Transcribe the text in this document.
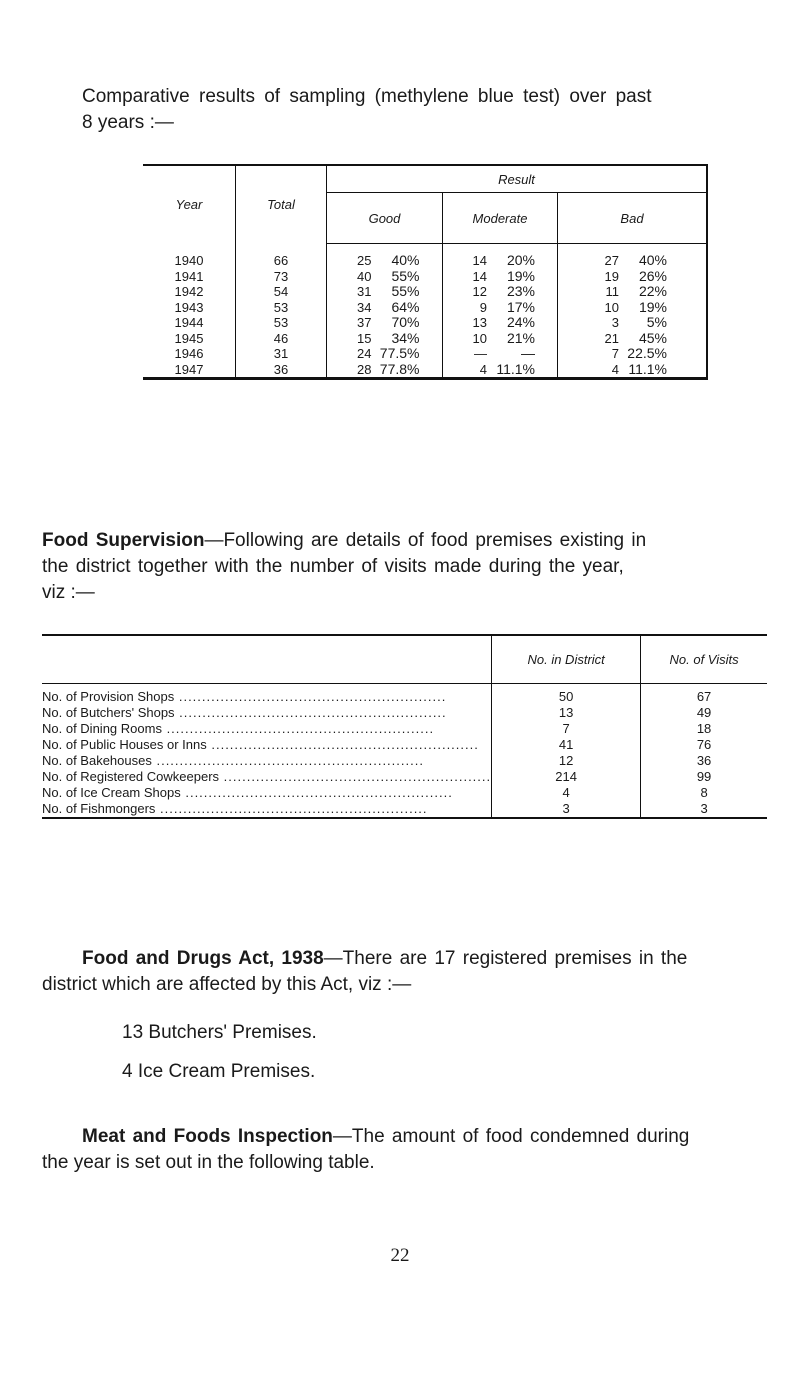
Comparative results of sampling (methylene blue test) over past
8 years :—
Year	Total	Result		
		Good	Moderate	Bad
1940	66	25 40%	14 20%	27 40%
1941	73	40 55%	14 19%	19 26%
1942	54	31 55%	12 23%	11 22%
1943	53	34 64%	9 17%	10 19%
1944	53	37 70%	13 24%	3 5%
1945	46	15 34%	10 21%	21 45%
1946	31	24 77.5%	— —	7 22.5%
1947	36	28 77.8%	4 11.1%	4 11.1%
Food Supervision—Following are details of food premises existing in
the district together with the number of visits made during the year,
viz :—
	No. in District	No. of Visits
No. of Provision Shops ..........................................................	50	67
No. of Butchers' Shops ..........................................................	13	49
No. of Dining Rooms ..........................................................	7	18
No. of Public Houses or Inns ..........................................................	41	76
No. of Bakehouses ..........................................................	12	36
No. of Registered Cowkeepers ..........................................................	214	99
No. of Ice Cream Shops ..........................................................	4	8
No. of Fishmongers ..........................................................	3	3
Food and Drugs Act, 1938—There are 17 registered premises in the
district which are affected by this Act, viz :—
13 Butchers' Premises.
4 Ice Cream Premises.
Meat and Foods Inspection—The amount of food condemned during
the year is set out in the following table.
22
